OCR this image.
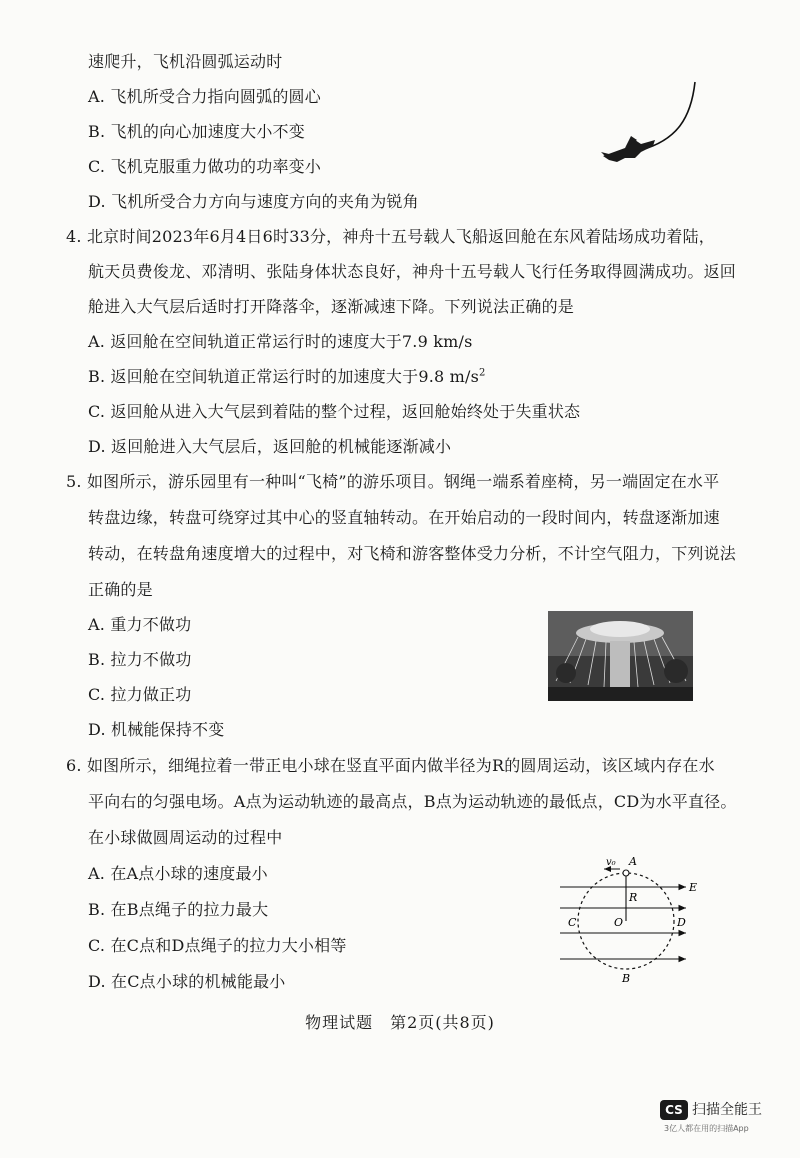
速爬升，飞机沿圆弧运动时
A. 飞机所受合力指向圆弧的圆心
B. 飞机的向心加速度大小不变
C. 飞机克服重力做功的功率变小
D. 飞机所受合力方向与速度方向的夹角为锐角
4. 北京时间2023年6月4日6时33分，神舟十五号载人飞船返回舱在东风着陆场成功着陆，
航天员费俊龙、邓清明、张陆身体状态良好，神舟十五号载人飞行任务取得圆满成功。返回
舱进入大气层后适时打开降落伞，逐渐减速下降。下列说法正确的是
A. 返回舱在空间轨道正常运行时的速度大于7.9 km/s
B. 返回舱在空间轨道正常运行时的加速度大于9.8 $m/s^2$
C. 返回舱从进入大气层到着陆的整个过程，返回舱始终处于失重状态
D. 返回舱进入大气层后，返回舱的机械能逐渐减小
5. 如图所示，游乐园里有一种叫“飞椅”的游乐项目。钢绳一端系着座椅，另一端固定在水平
转盘边缘，转盘可绕穿过其中心的竖直轴转动。在开始启动的一段时间内，转盘逐渐加速
转动，在转盘角速度增大的过程中，对飞椅和游客整体受力分析，不计空气阻力，下列说法
正确的是
A. 重力不做功
B. 拉力不做功
C. 拉力做正功
D. 机械能保持不变
6. 如图所示，细绳拉着一带正电小球在竖直平面内做半径为R的圆周运动，该区域内存在水
平向右的匀强电场。A点为运动轨迹的最高点，B点为运动轨迹的最低点，CD为水平直径。
在小球做圆周运动的过程中
A. 在A点小球的速度最小
B. 在B点绳子的拉力最大
C. 在C点和D点绳子的拉力大小相等
D. 在C点小球的机械能最小
v₀ A
R
E
C	O	D
B
物理试题　第2页(共8页)
CS 扫描全能王
3亿人都在用的扫描App
